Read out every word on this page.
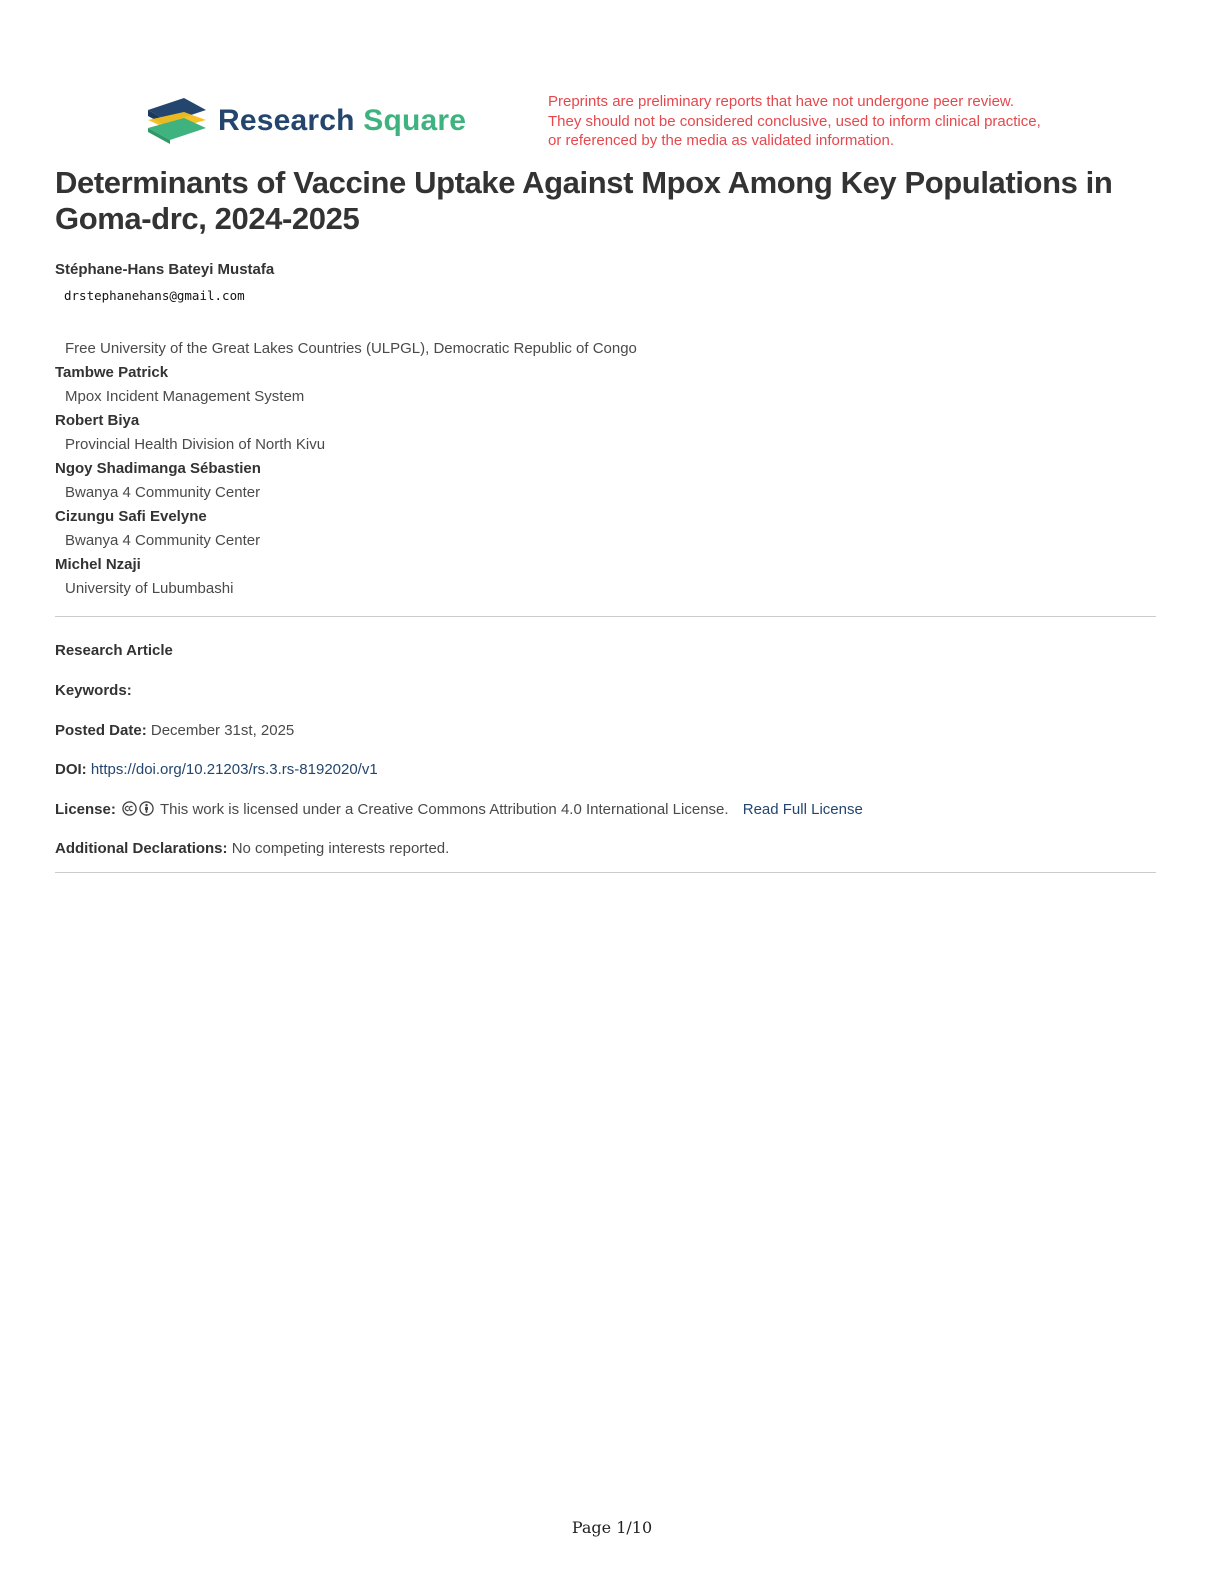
Research Square
Preprints are preliminary reports that have not undergone peer review.
They should not be considered conclusive, used to inform clinical practice,
or referenced by the media as validated information.
Determinants of Vaccine Uptake Against Mpox Among Key Populations in Goma-drc, 2024-2025
Stéphane-Hans Bateyi Mustafa
drstephanehans@gmail.com
Free University of the Great Lakes Countries (ULPGL), Democratic Republic of Congo
Tambwe Patrick
Mpox Incident Management System
Robert Biya
Provincial Health Division of North Kivu
Ngoy Shadimanga Sébastien
Bwanya 4 Community Center
Cizungu Safi Evelyne
Bwanya 4 Community Center
Michel Nzaji
University of Lubumbashi
Research Article
Keywords:
Posted Date: December 31st, 2025
DOI: https://doi.org/10.21203/rs.3.rs-8192020/v1
License:	This work is licensed under a Creative Commons Attribution 4.0 International License. Read Full License
Additional Declarations: No competing interests reported.
Page 1/10
